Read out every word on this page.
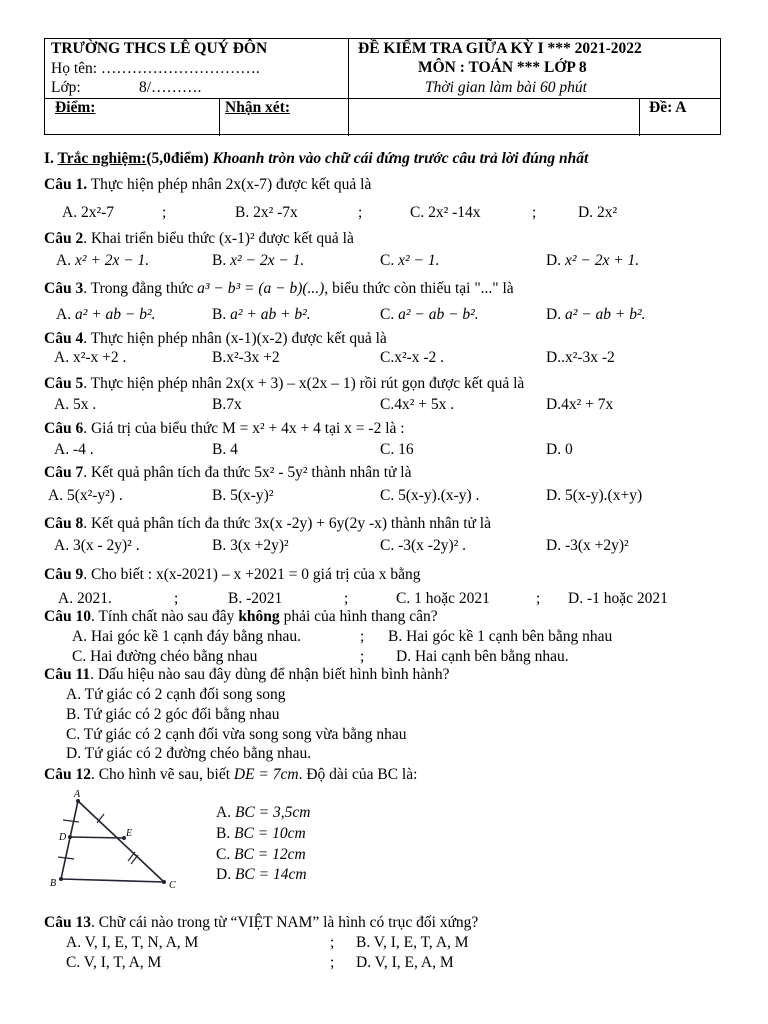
TRƯỜNG THCS LÊ QUÝ ĐÔN
Họ tên: ………………………….
Lớp:	8/……….
ĐỀ KIỂM TRA GIỮA KỲ I *** 2021-2022
MÔN : TOÁN *** LỚP 8
Thời gian làm bài 60 phút
Điểm:	Nhận xét:	Đề: A
I. Trắc nghiệm:(5,0điểm) Khoanh tròn vào chữ cái đứng trước câu trả lời đúng nhất
Câu 1. Thực hiện phép nhân 2x(x-7) được kết quả là
A. 2x²-7	;	B. 2x² -7x	;	C. 2x² -14x	;	D. 2x²
Câu 2. Khai triển biểu thức (x-1)² được kết quả là
A. x² + 2x − 1.	B. x² − 2x − 1.	C. x² − 1.	D. x² − 2x + 1.
Câu 3. Trong đẳng thức a³ − b³ = (a − b)(...), biểu thức còn thiếu tại "..." là
A. a² + ab − b².	B. a² + ab + b².	C. a² − ab − b².	D. a² − ab + b².
Câu 4. Thực hiện phép nhân (x-1)(x-2) được kết quả là
A. x²-x +2 .	B.x²-3x +2	C.x²-x -2 .	D..x²-3x -2
Câu 5. Thực hiện phép nhân 2x(x + 3) – x(2x – 1) rồi rút gọn được kết quả là
A. 5x .	B.7x	C.4x² + 5x .	D.4x² + 7x
Câu 6. Giá trị của biểu thức M = x² + 4x + 4 tại x = -2 là :
A. -4 .	B. 4	C. 16	D. 0
Câu 7. Kết quả phân tích đa thức 5x² - 5y² thành nhân tử là
A. 5(x²-y²) .	B. 5(x-y)²	C. 5(x-y).(x-y) .	D. 5(x-y).(x+y)
Câu 8. Kết quả phân tích đa thức 3x(x -2y) + 6y(2y -x) thành nhân tử là
A. 3(x - 2y)² .	B. 3(x +2y)²	C. -3(x -2y)² .	D. -3(x +2y)²
Câu 9. Cho biết : x(x-2021) – x +2021 = 0 giá trị của x bằng
A. 2021.	;	B. -2021	;	C. 1 hoặc 2021	; D. -1 hoặc 2021
Câu 10. Tính chất nào sau đây không phải của hình thang cân?
A. Hai góc kề 1 cạnh đáy bằng nhau.	; B. Hai góc kề 1 cạnh bên bằng nhau
C. Hai đường chéo bằng nhau	; D. Hai cạnh bên bằng nhau.
Câu 11. Dấu hiệu nào sau đây dùng để nhận biết hình bình hành?
A. Tứ giác có 2 cạnh đối song song
B. Tứ giác có 2 góc đối bằng nhau
C. Tứ giác có 2 cạnh đối vừa song song vừa bằng nhau
D. Tứ giác có 2 đường chéo bằng nhau.
Câu 12. Cho hình vẽ sau, biết DE = 7cm. Độ dài của BC là:
A
B	C
D	E
A. BC = 3,5cm
B. BC = 10cm
C. BC = 12cm
D. BC = 14cm
Câu 13. Chữ cái nào trong từ “VIỆT NAM” là hình có trục đối xứng?
A. V, I, E, T, N, A, M	; B. V, I, E, T, A, M
C. V, I, T, A, M	; D. V, I, E, A, M
